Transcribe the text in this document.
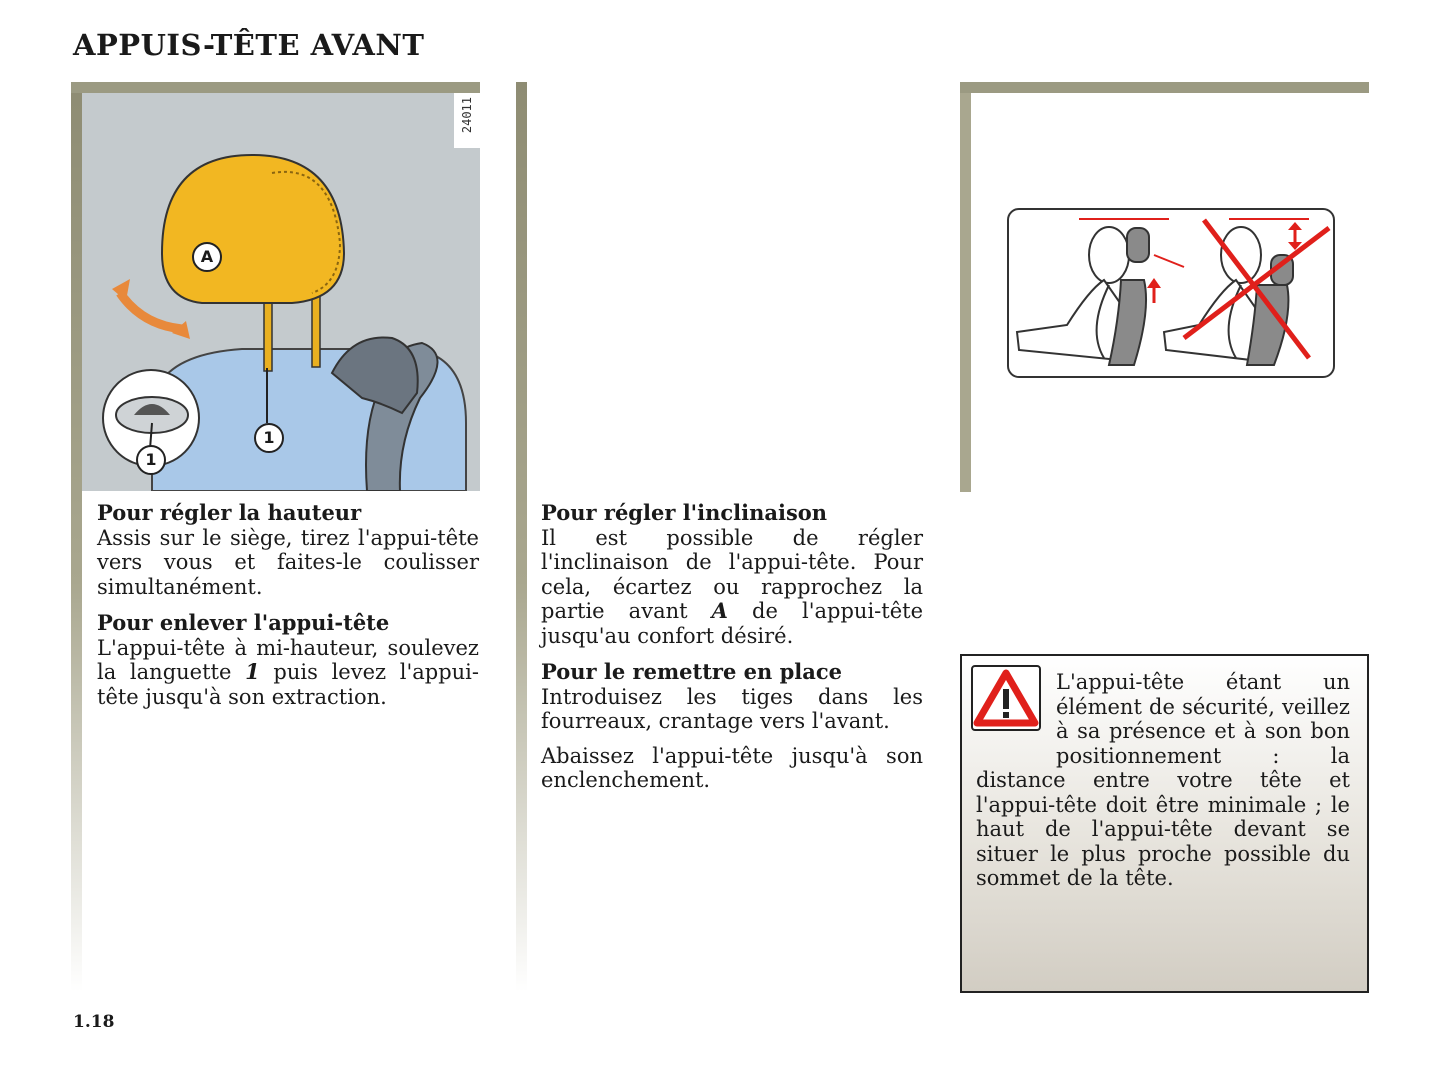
APPUIS-TÊTE AVANT
A
1
1
24011
Pour régler la hauteur

Assis sur le siège, tirez l'appui-tête vers vous et faites-le coulisser simultanément.

Pour enlever l'appui-tête

L'appui-tête à mi-hauteur, soulevez la languette 1 puis levez l'appui-tête jusqu'à son extraction.

Pour régler l'inclinaison

Il est possible de régler l'inclinaison de l'appui-tête. Pour cela, écartez ou rapprochez la partie avant A de l'appui-tête jusqu'au confort désiré.

Pour le remettre en place

Introduisez les tiges dans les fourreaux, crantage vers l'avant.

Abaissez l'appui-tête jusqu'à son enclenchement.

L'appui-tête étant un élément de sécurité, veillez à sa présence et à son bon positionnement : la distance entre votre tête et l'appui-tête doit être minimale ; le haut de l'appui-tête devant se situer le plus proche possible du sommet de la tête.
1.18
